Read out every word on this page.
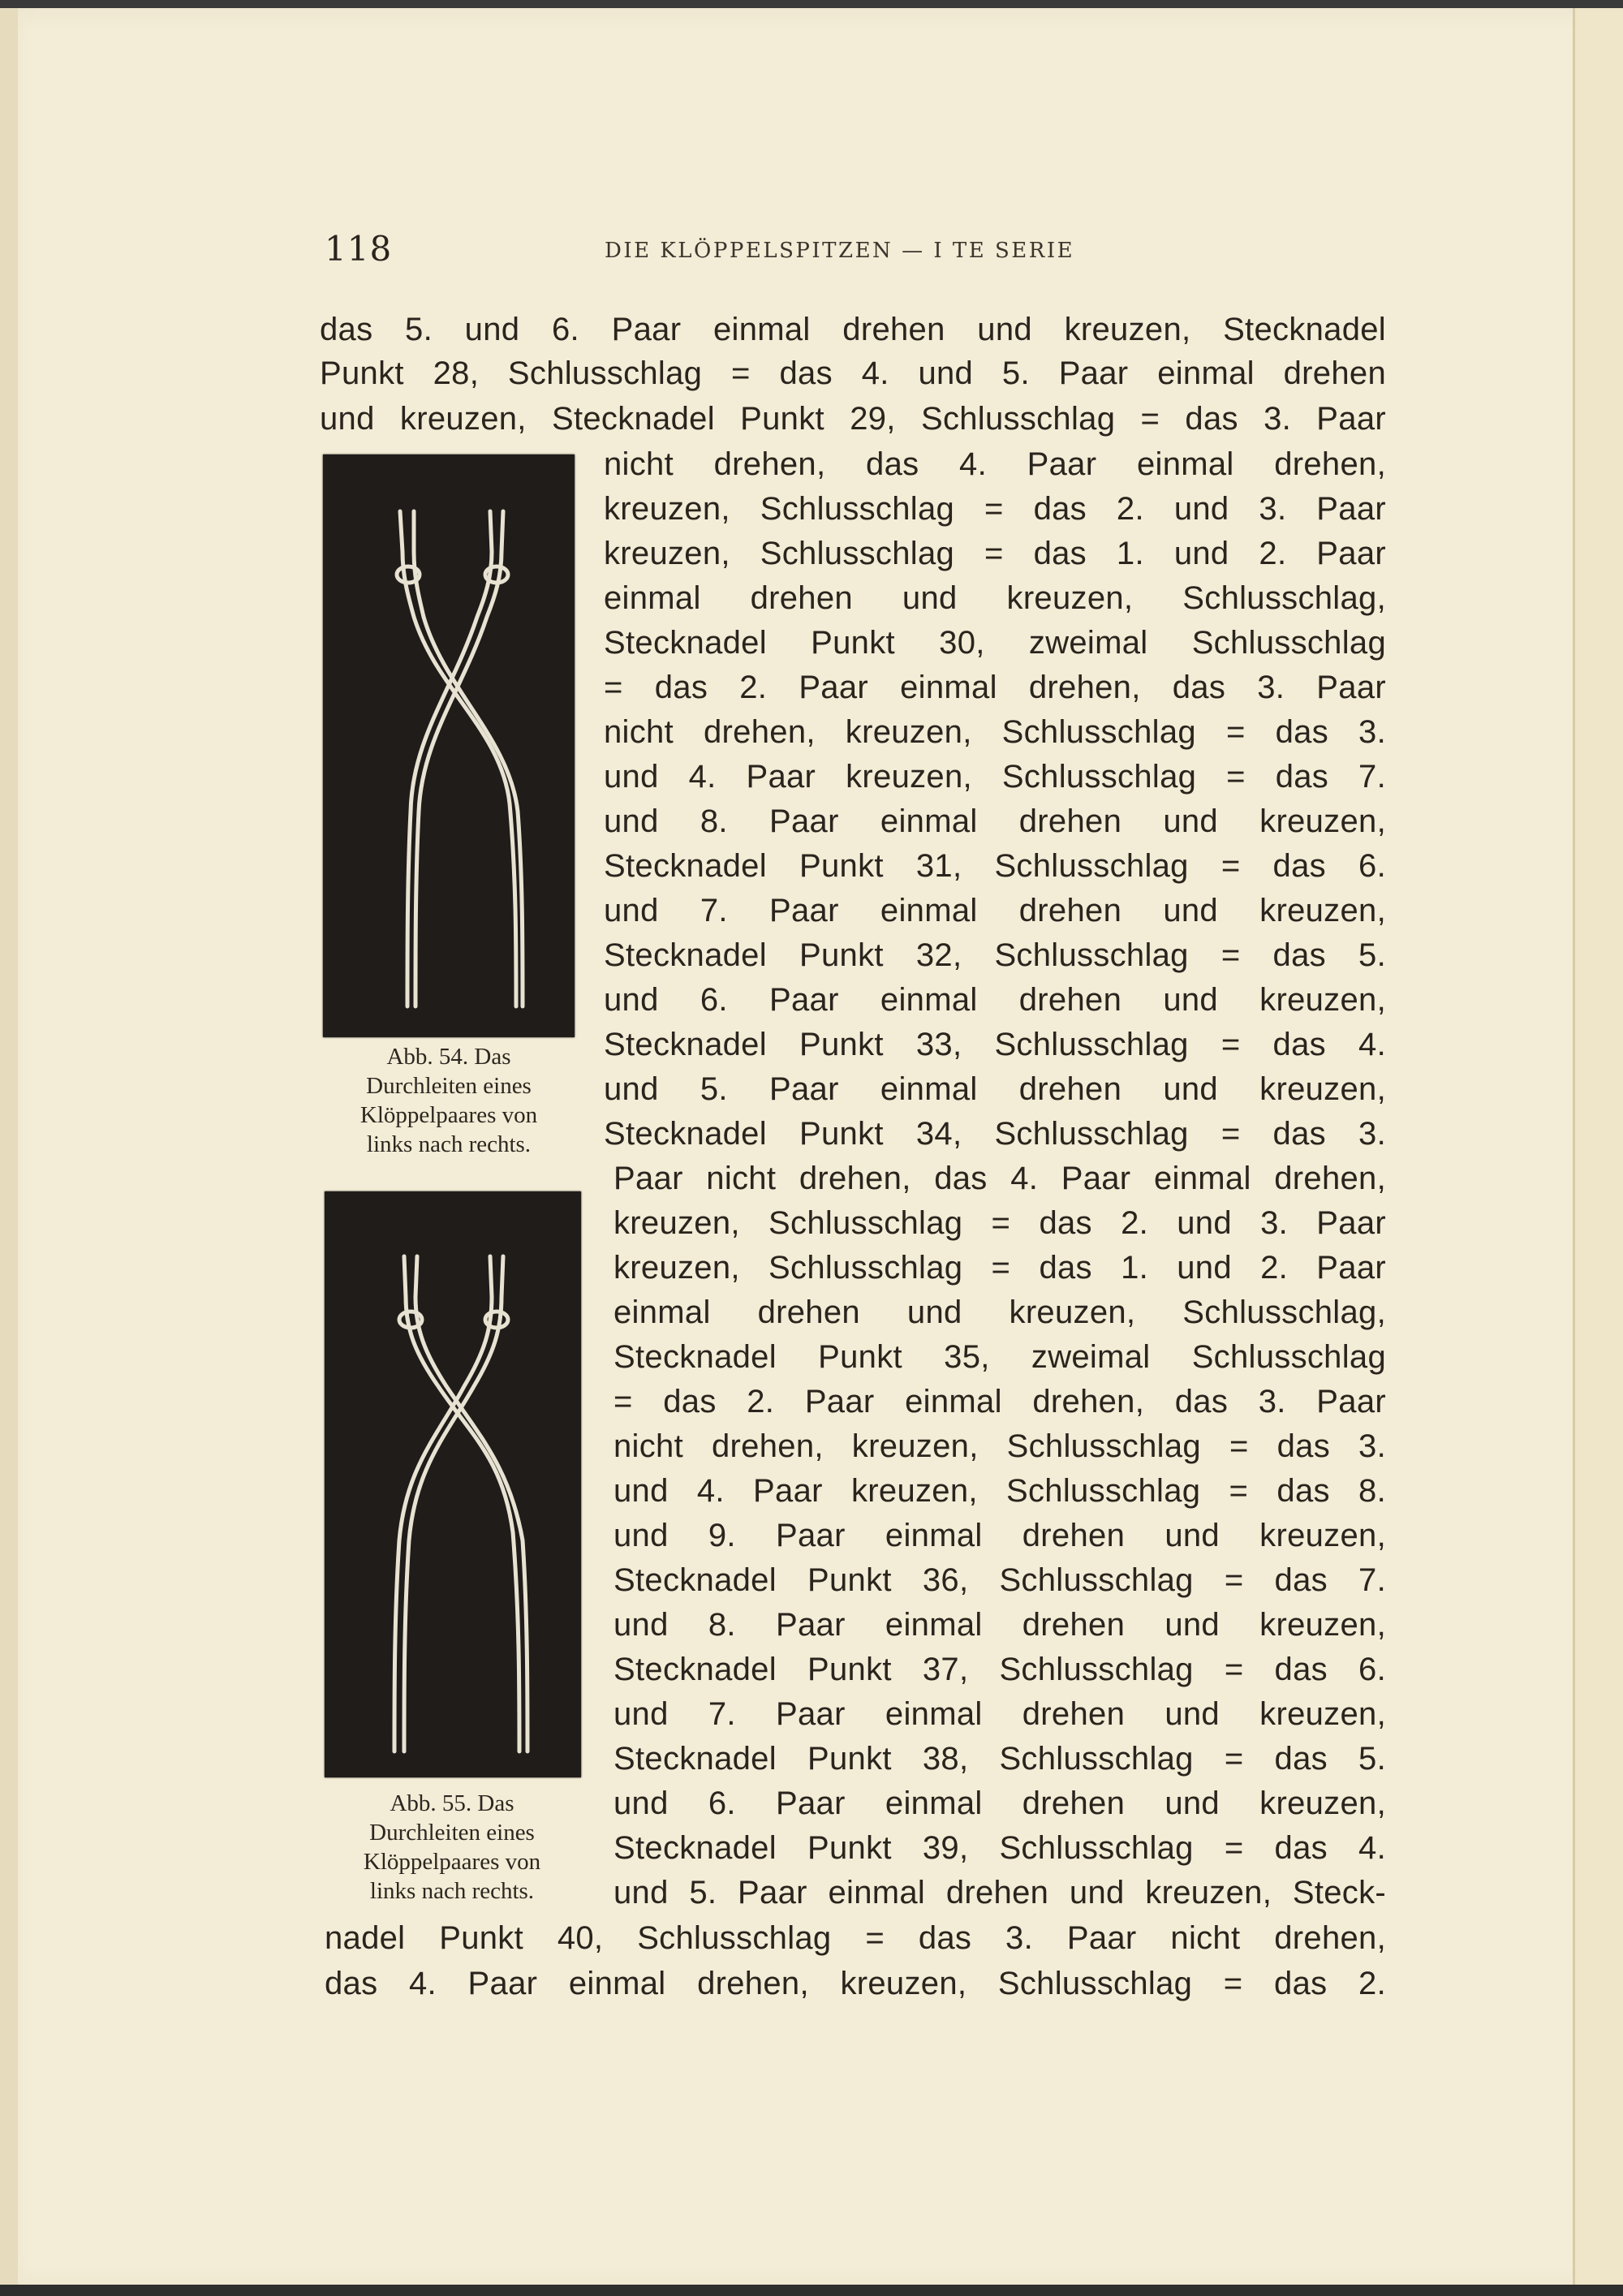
118	DIE KLÖPPELSPITZEN — I TE SERIE
Abb. 54. Das
Durchleiten eines
Klöppelpaares von
links nach rechts.
Abb. 55. Das
Durchleiten eines
Klöppelpaares von
links nach rechts.
das 5. und 6. Paar einmal drehen und kreuzen, Stecknadel
Punkt 28, Schlusschlag = das 4. und 5. Paar einmal drehen
und kreuzen, Stecknadel Punkt 29, Schlusschlag = das 3. Paar
nicht drehen, das 4. Paar einmal drehen,
kreuzen, Schlusschlag = das 2. und 3. Paar
kreuzen, Schlusschlag = das 1. und 2. Paar
einmal drehen und kreuzen, Schlusschlag,
Stecknadel Punkt 30, zweimal Schlusschlag
= das 2. Paar einmal drehen, das 3. Paar
nicht drehen, kreuzen, Schlusschlag = das 3.
und 4. Paar kreuzen, Schlusschlag = das 7.
und 8. Paar einmal drehen und kreuzen,
Stecknadel Punkt 31, Schlusschlag = das 6.
und 7. Paar einmal drehen und kreuzen,
Stecknadel Punkt 32, Schlusschlag = das 5.
und 6. Paar einmal drehen und kreuzen,
Stecknadel Punkt 33, Schlusschlag = das 4.
und 5. Paar einmal drehen und kreuzen,
Stecknadel Punkt 34, Schlusschlag = das 3.
Paar nicht drehen, das 4. Paar einmal drehen,
kreuzen, Schlusschlag = das 2. und 3. Paar
kreuzen, Schlusschlag = das 1. und 2. Paar
einmal drehen und kreuzen, Schlusschlag,
Stecknadel Punkt 35, zweimal Schlusschlag
= das 2. Paar einmal drehen, das 3. Paar
nicht drehen, kreuzen, Schlusschlag = das 3.
und 4. Paar kreuzen, Schlusschlag = das 8.
und 9. Paar einmal drehen und kreuzen,
Stecknadel Punkt 36, Schlusschlag = das 7.
und 8. Paar einmal drehen und kreuzen,
Stecknadel Punkt 37, Schlusschlag = das 6.
und 7. Paar einmal drehen und kreuzen,
Stecknadel Punkt 38, Schlusschlag = das 5.
und 6. Paar einmal drehen und kreuzen,
Stecknadel Punkt 39, Schlusschlag = das 4.
und 5. Paar einmal drehen und kreuzen, Steck-
nadel Punkt 40, Schlusschlag = das 3. Paar nicht drehen,
das 4. Paar einmal drehen, kreuzen, Schlusschlag = das 2.
